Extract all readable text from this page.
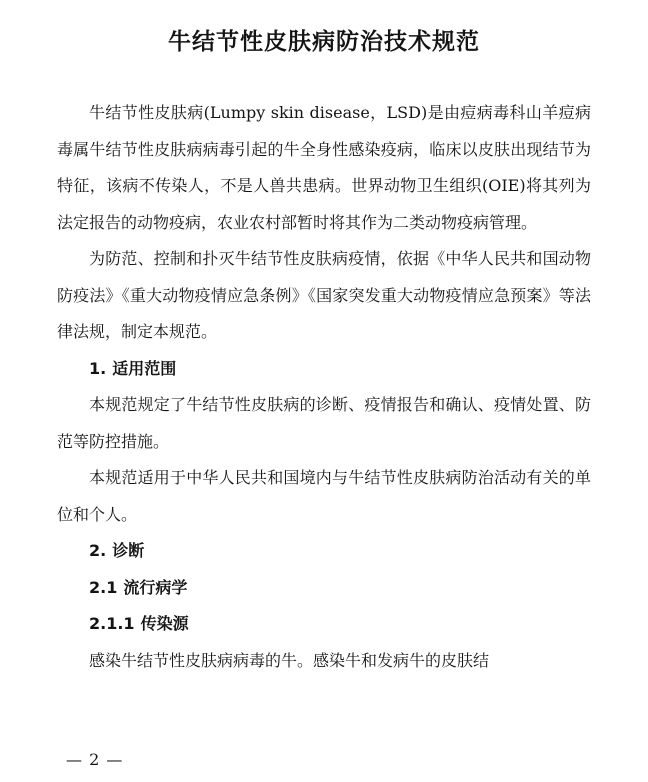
牛结节性皮肤病防治技术规范

牛结节性皮肤病(Lumpy skin disease，LSD)是由痘病毒科山羊痘病毒属牛结节性皮肤病病毒引起的牛全身性感染疫病，临床以皮肤出现结节为特征，该病不传染人，不是人兽共患病。世界动物卫生组织(OIE)将其列为法定报告的动物疫病，农业农村部暂时将其作为二类动物疫病管理。

为防范、控制和扑灭牛结节性皮肤病疫情，依据《中华人民共和国动物防疫法》《重大动物疫情应急条例》《国家突发重大动物疫情应急预案》等法律法规，制定本规范。

1. 适用范围

本规范规定了牛结节性皮肤病的诊断、疫情报告和确认、疫情处置、防范等防控措施。

本规范适用于中华人民共和国境内与牛结节性皮肤病防治活动有关的单位和个人。

2. 诊断
2.1 流行病学
2.1.1 传染源

感染牛结节性皮肤病病毒的牛。感染牛和发病牛的皮肤结

— 2 —
